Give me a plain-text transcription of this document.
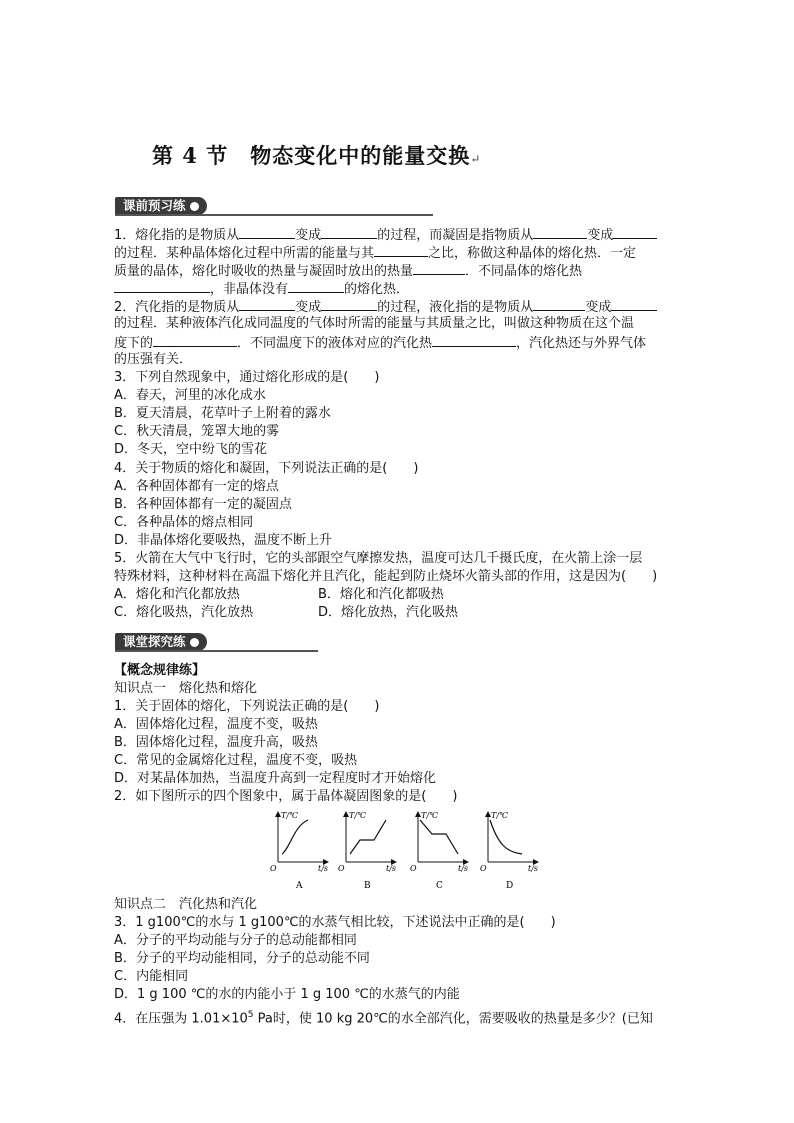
第 4 节　物态变化中的能量交换↵
课前预习练
1．熔化指的是物质从	变成	的过程，而凝固是指物质从	变成
的过程．某种晶体熔化过程中所需的能量与其	之比，称做这种晶体的熔化热．一定
质量的晶体，熔化时吸收的热量与凝固时放出的热量	．不同晶体的熔化热
，非晶体没有	的熔化热．
2．汽化指的是物质从	变成	的过程，液化指的是物质从	变成
的过程．某种液体汽化成同温度的气体时所需的能量与其质量之比，叫做这种物质在这个温
度下的	．不同温度下的液体对应的汽化热	，汽化热还与外界气体
的压强有关．
3．下列自然现象中，通过熔化形成的是(　　)
A．春天，河里的冰化成水
B．夏天清晨，花草叶子上附着的露水
C．秋天清晨，笼罩大地的雾
D．冬天，空中纷飞的雪花
4．关于物质的熔化和凝固，下列说法正确的是(　　)
A．各种固体都有一定的熔点
B．各种固体都有一定的凝固点
C．各种晶体的熔点相同
D．非晶体熔化要吸热，温度不断上升
5．火箭在大气中飞行时，它的头部跟空气摩擦发热，温度可达几千摄氏度，在火箭上涂一层
特殊材料，这种材料在高温下熔化并且汽化，能起到防止烧坏火箭头部的作用，这是因为(　　)
A．熔化和汽化都放热	B．熔化和汽化都吸热
C．熔化吸热，汽化放热	D．熔化放热，汽化吸热
课堂探究练
【概念规律练】
知识点一　熔化热和熔化
1．关于固体的熔化，下列说法正确的是(　　)
A．固体熔化过程，温度不变，吸热
B．固体熔化过程，温度升高，吸热
C．常见的金属熔化过程，温度不变，吸热
D．对某晶体加热，当温度升高到一定程度时才开始熔化
2．如下图所示的四个图象中，属于晶体凝固图象的是(　　)
T/℃
t/s
O
A
T/℃
t/s
O
B
T/℃
t/s
O
C
T/℃
t/s
O
D
知识点二　汽化热和汽化
3．1 g100℃的水与 1 g100℃的水蒸气相比较，下述说法中正确的是(　　)
A．分子的平均动能与分子的总动能都相同
B．分子的平均动能相同，分子的总动能不同
C．内能相同
D．1 g 100 ℃的水的内能小于 1 g 100 ℃的水蒸气的内能
4．在压强为 $1.01\times 10^5$ Pa时，使 10 kg 20℃的水全部汽化，需要吸收的热量是多少？(已知
